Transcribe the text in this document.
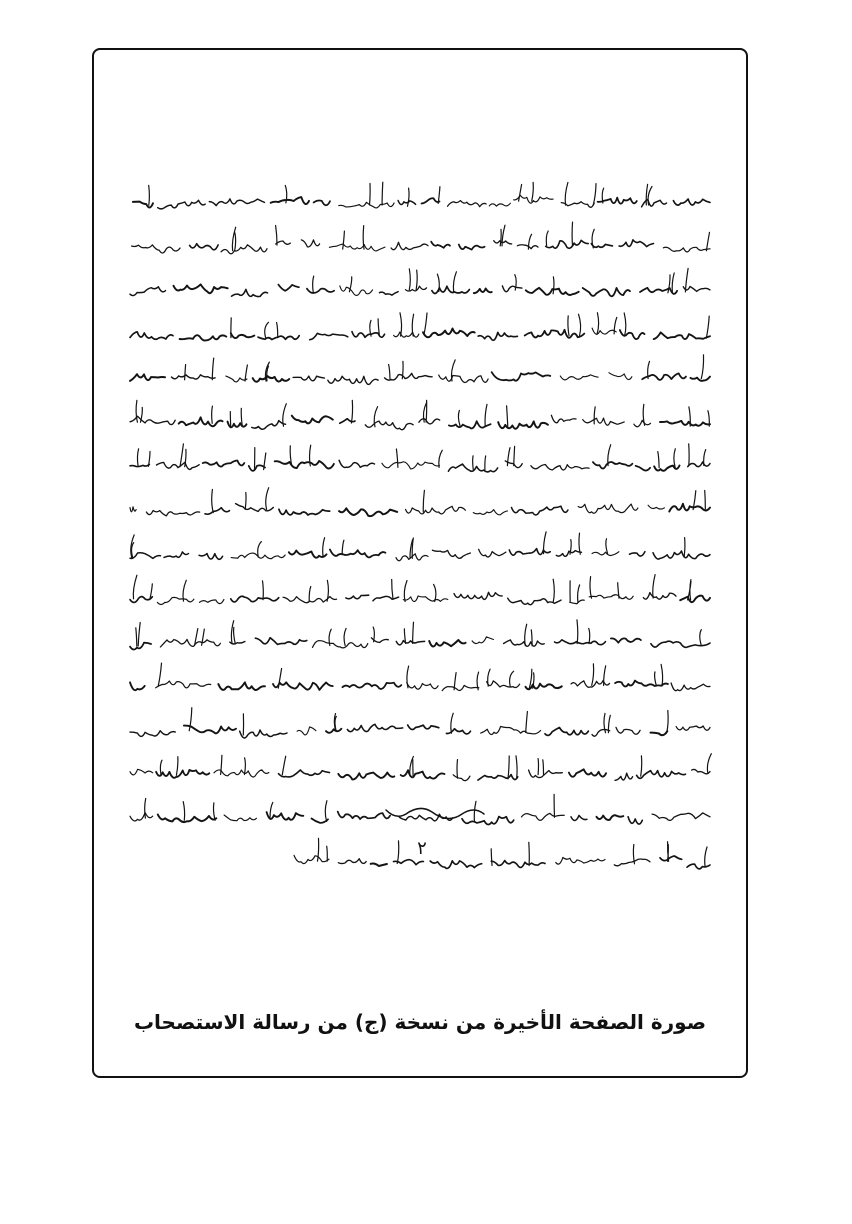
٢
صورة الصفحة الأخيرة من نسخة (ج) من رسالة الاستصحاب
